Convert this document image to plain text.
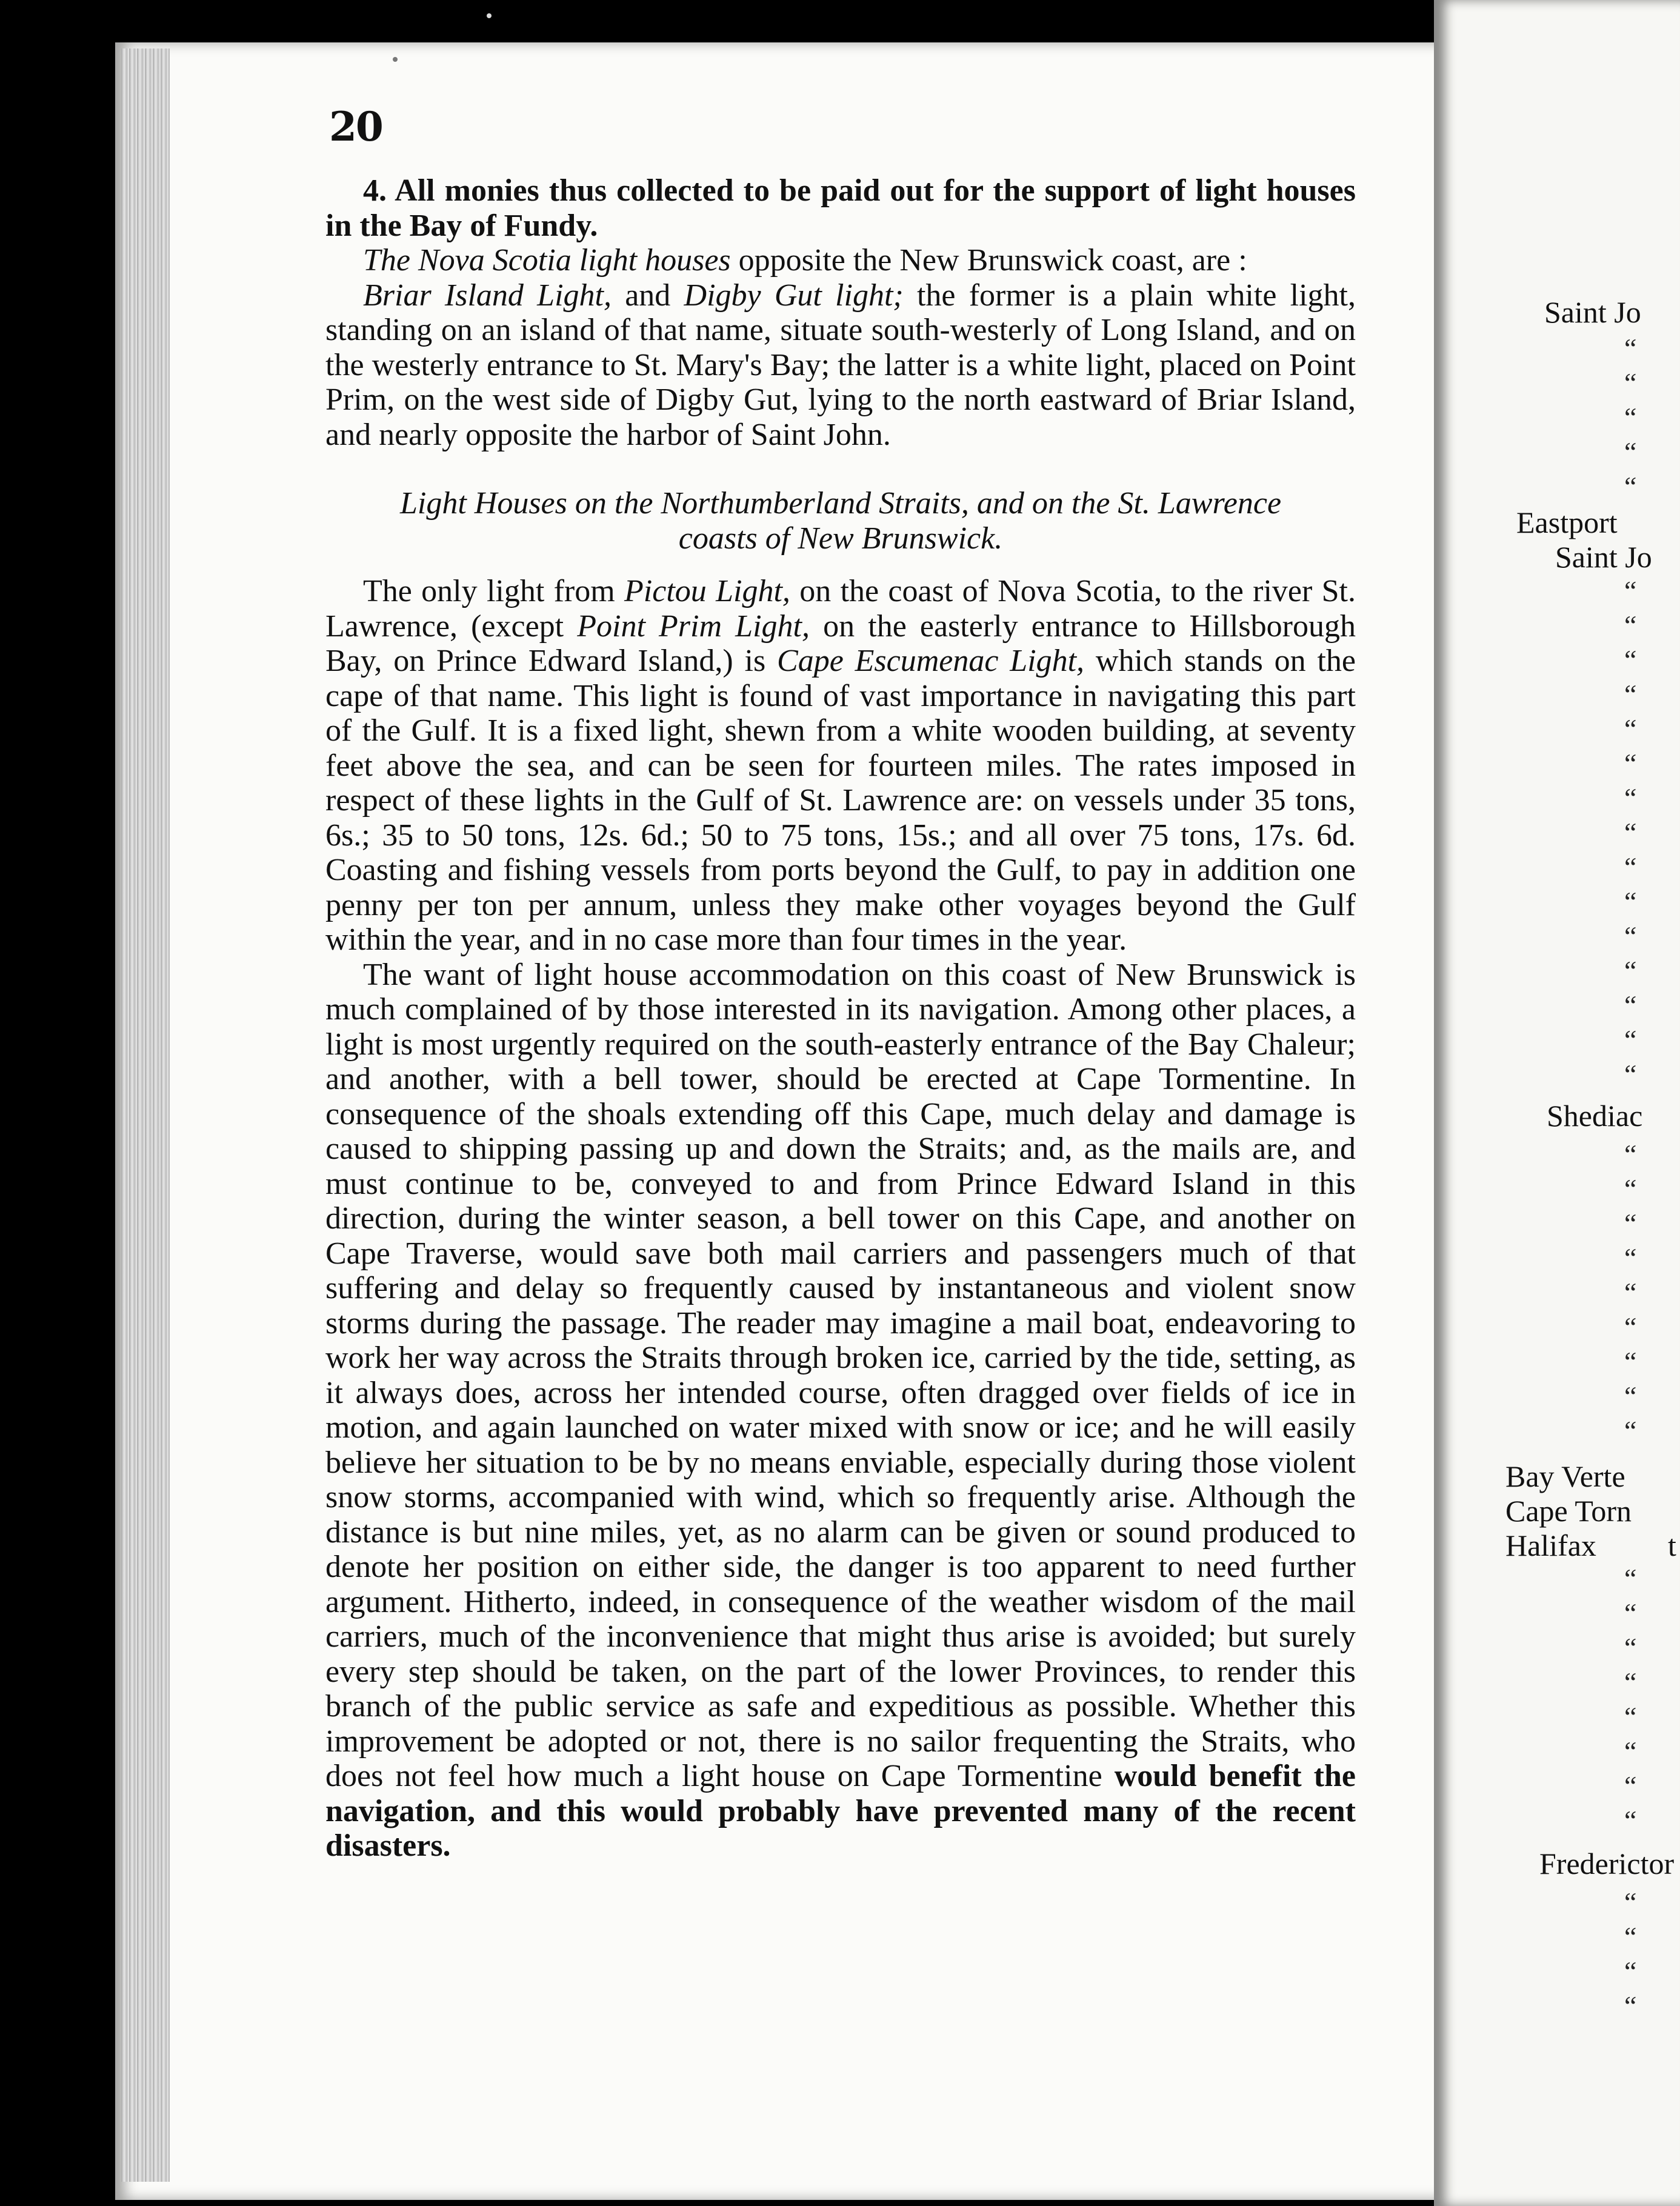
20

4. All monies thus collected to be paid out for the support of light houses in the Bay of Fundy.

The Nova Scotia light houses opposite the New Brunswick coast, are :

Briar Island Light, and Digby Gut light; the former is a plain white light, standing on an island of that name, situate south-westerly of Long Island, and on the westerly entrance to St. Mary's Bay; the latter is a white light, placed on Point Prim, on the west side of Digby Gut, lying to the north eastward of Briar Island, and nearly opposite the harbor of Saint John.

Light Houses on the Northumberland Straits, and on the St. Lawrence
coasts of New Brunswick.

The only light from Pictou Light, on the coast of Nova Scotia, to the river St. Lawrence, (except Point Prim Light, on the easterly entrance to Hillsborough Bay, on Prince Edward Island,) is Cape Escumenac Light, which stands on the cape of that name. This light is found of vast importance in navigating this part of the Gulf. It is a fixed light, shewn from a white wooden building, at seventy feet above the sea, and can be seen for fourteen miles. The rates imposed in respect of these lights in the Gulf of St. Lawrence are: on vessels under 35 tons, 6s.; 35 to 50 tons, 12s. 6d.; 50 to 75 tons, 15s.; and all over 75 tons, 17s. 6d. Coasting and fishing vessels from ports beyond the Gulf, to pay in addition one penny per ton per annum, unless they make other voyages beyond the Gulf within the year, and in no case more than four times in the year.

The want of light house accommodation on this coast of New Brunswick is much complained of by those interested in its navigation. Among other places, a light is most urgently required on the south-easterly entrance of the Bay Chaleur; and another, with a bell tower, should be erected at Cape Tormentine. In consequence of the shoals extending off this Cape, much delay and damage is caused to shipping passing up and down the Straits; and, as the mails are, and must continue to be, conveyed to and from Prince Edward Island in this direction, during the winter season, a bell tower on this Cape, and another on Cape Traverse, would save both mail carriers and passengers much of that suffering and delay so frequently caused by instantaneous and violent snow storms during the passage. The reader may imagine a mail boat, endeavoring to work her way across the Straits through broken ice, carried by the tide, setting, as it always does, across her intended course, often dragged over fields of ice in motion, and again launched on water mixed with snow or ice; and he will easily believe her situation to be by no means enviable, especially during those violent snow storms, accompanied with wind, which so frequently arise. Although the distance is but nine miles, yet, as no alarm can be given or sound produced to denote her position on either side, the danger is too apparent to need further argument. Hitherto, indeed, in consequence of the weather wisdom of the mail carriers, much of the inconvenience that might thus arise is avoided; but surely every step should be taken, on the part of the lower Provinces, to render this branch of the public service as safe and expeditious as possible. Whether this improvement be adopted or not, there is no sailor frequenting the Straits, who does not feel how much a light house on Cape Tormentine would benefit the navigation, and this would probably have prevented many of the recent disasters.

Saint Jo
“
“
“
“
“
Eastport
Saint Jo
“
“
“
“
“
“
“
“
“
“
“
“
“
“
“
Shediac
“
“
“
“
“
“
“
“
“
Bay Verte
Cape Torn
Halifax t
“
“
“
“
“
“
“
“
Frederictor
“
“
“
“
